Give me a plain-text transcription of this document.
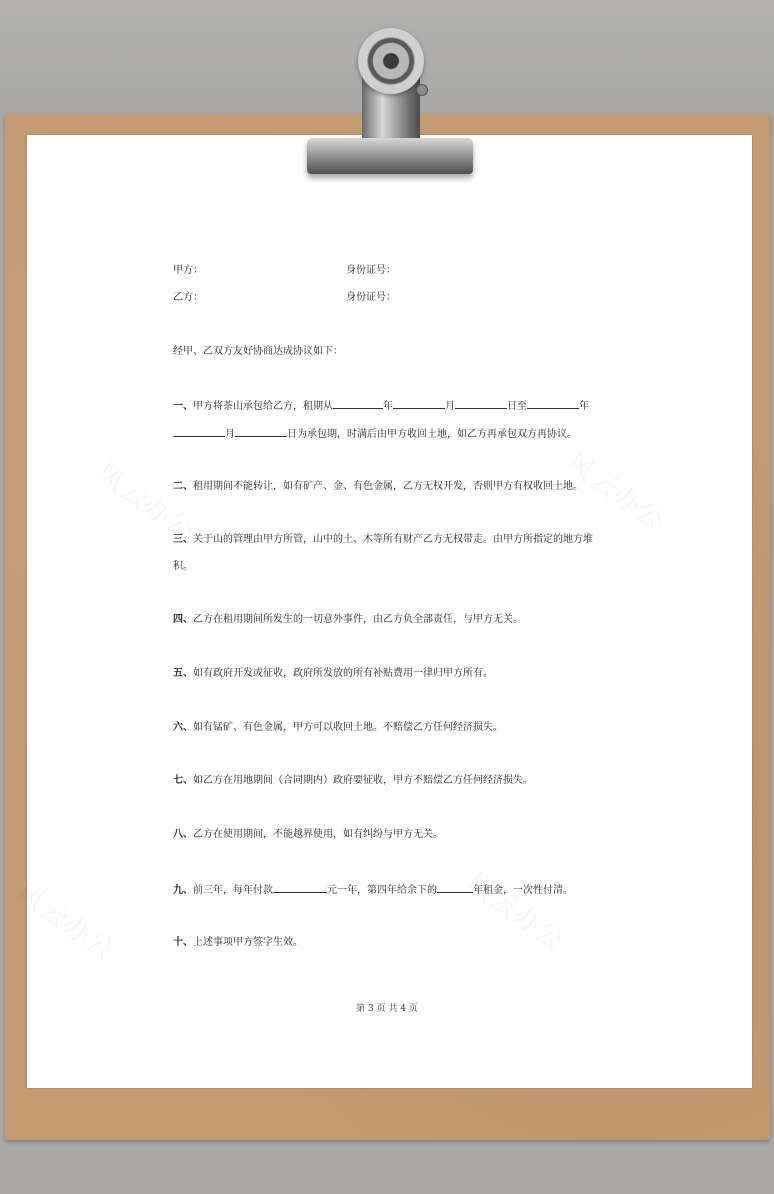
甲方：	身份证号：
乙方：	身份证号：
经甲、乙双方友好协商达成协议如下：
一、甲方将茶山承包给乙方，租期从	年	月	日至	年
月	日为承包期，时满后由甲方收回土地，如乙方再承包双方再协议。
二、租用期间不能转让，如有矿产、金、有色金属，乙方无权开发，否则甲方有权收回土地。
三、关于山的管理由甲方所管，山中的土、木等所有财产乙方无权带走。由甲方所指定的地方堆
积。
四、乙方在租用期间所发生的一切意外事件，由乙方负全部责任，与甲方无关。
五、如有政府开发或征收，政府所发放的所有补贴费用一律归甲方所有。
六、如有锰矿、有色金属，甲方可以收回土地。不赔偿乙方任何经济损失。
七、如乙方在用地期间（合同期内）政府要征收，甲方不赔偿乙方任何经济损失。
八、乙方在使用期间，不能越界使用，如有纠纷与甲方无关。
九、前三年，每年付款	元一年，第四年给余下的	年租金，一次性付清。
十、上述事项甲方签字生效。
第 3 页 共 4 页
